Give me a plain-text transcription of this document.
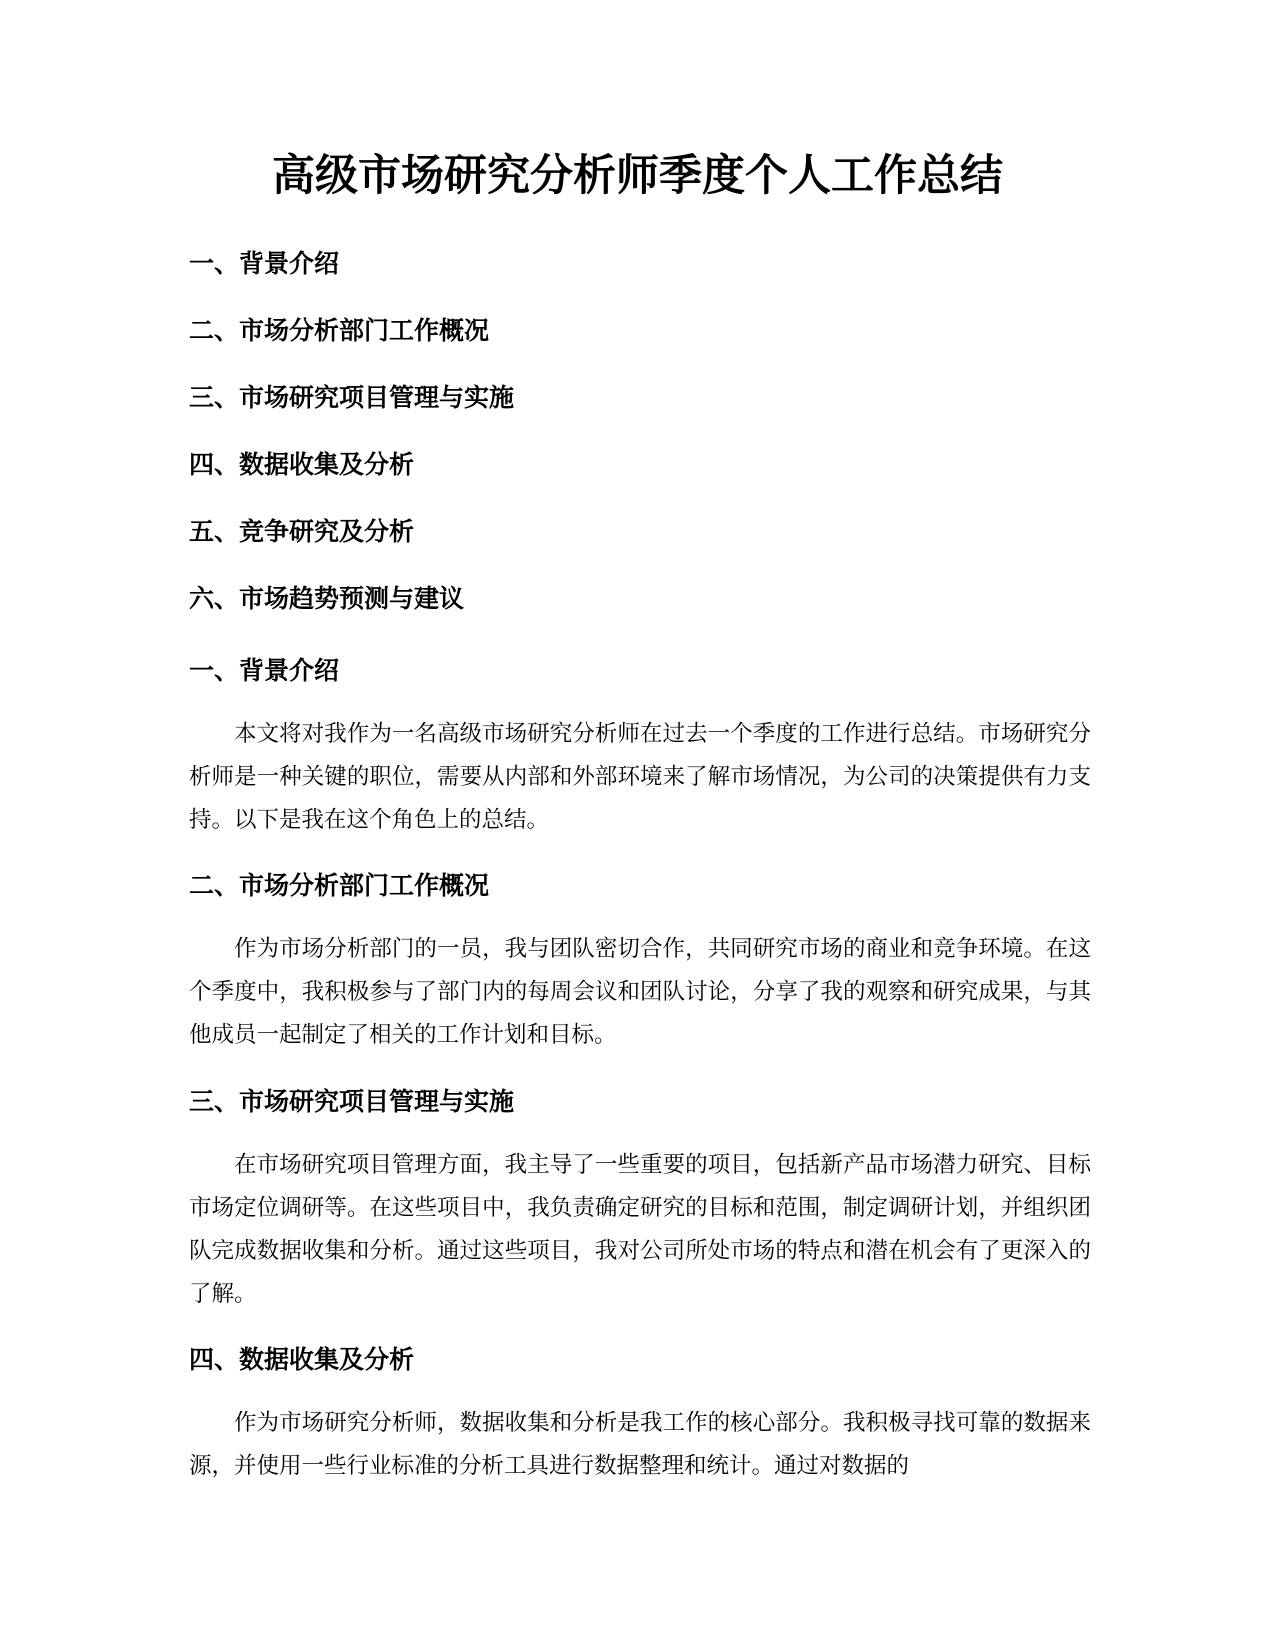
高级市场研究分析师季度个人工作总结
一、背景介绍
二、市场分析部门工作概况
三、市场研究项目管理与实施
四、数据收集及分析
五、竞争研究及分析
六、市场趋势预测与建议
一、背景介绍

本文将对我作为一名高级市场研究分析师在过去一个季度的工作进行总结。市场研究分析师是一种关键的职位，需要从内部和外部环境来了解市场情况，为公司的决策提供有力支持。以下是我在这个角色上的总结。

二、市场分析部门工作概况

作为市场分析部门的一员，我与团队密切合作，共同研究市场的商业和竞争环境。在这个季度中，我积极参与了部门内的每周会议和团队讨论，分享了我的观察和研究成果，与其他成员一起制定了相关的工作计划和目标。

三、市场研究项目管理与实施

在市场研究项目管理方面，我主导了一些重要的项目，包括新产品市场潜力研究、目标市场定位调研等。在这些项目中，我负责确定研究的目标和范围，制定调研计划，并组织团队完成数据收集和分析。通过这些项目，我对公司所处市场的特点和潜在机会有了更深入的了解。

四、数据收集及分析

作为市场研究分析师，数据收集和分析是我工作的核心部分。我积极寻找可靠的数据来源，并使用一些行业标准的分析工具进行数据整理和统计。通过对数据的
